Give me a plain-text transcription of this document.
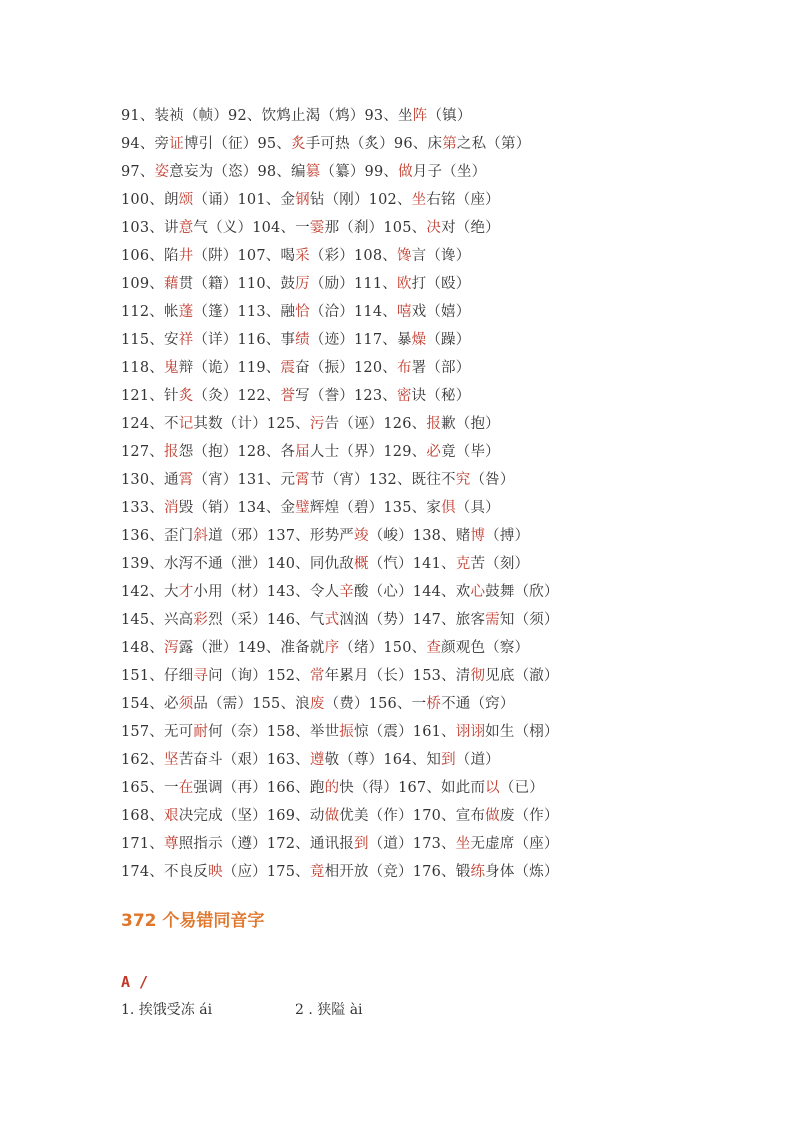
91、装祯（帧）92、饮鸩止渴（鸩）93、坐阵（镇）
94、旁证博引（征）95、炙手可热（炙）96、床第之私（第）
97、姿意妄为（恣）98、编篡（纂）99、做月子（坐）
100、朗颂（诵）101、金钢钻（刚）102、坐右铭（座）
103、讲意气（义）104、一霎那（刹）105、决对（绝）
106、陷井（阱）107、喝采（彩）108、馋言（谗）
109、藉贯（籍）110、鼓厉（励）111、欧打（殴）
112、帐蓬（篷）113、融恰（洽）114、嘻戏（嬉）
115、安祥（详）116、事绩（迹）117、暴燥（躁）
118、鬼辩（诡）119、震奋（振）120、布署（部）
121、针炙（灸）122、誉写（誊）123、密诀（秘）
124、不记其数（计）125、污告（诬）126、报歉（抱）
127、报怨（抱）128、各届人士（界）129、必竟（毕）
130、通霄（宵）131、元霄节（宵）132、既往不究（咎）
133、消毁（销）134、金璧辉煌（碧）135、家俱（具）
136、歪门斜道（邪）137、形势严竣（峻）138、赌博（搏）
139、水泻不通（泄）140、同仇敌概（忾）141、克苦（刻）
142、大才小用（材）143、令人辛酸（心）144、欢心鼓舞（欣）
145、兴高彩烈（采）146、气式汹汹（势）147、旅客需知（须）
148、泻露（泄）149、准备就序（绪）150、查颜观色（察）
151、仔细寻问（询）152、常年累月（长）153、清彻见底（澈）
154、必须品（需）155、浪废（费）156、一桥不通（窍）
157、无可耐何（奈）158、举世振惊（震）161、诩诩如生（栩）
162、坚苦奋斗（艰）163、遵敬（尊）164、知到（道）
165、一在强调（再）166、跑的快（得）167、如此而以（已）
168、艰决完成（坚）169、动做优美（作）170、宣布做废（作）
171、尊照指示（遵）172、通讯报到（道）173、坐无虚席（座）
174、不良反映（应）175、竟相开放（竞）176、锻练身体（炼）
372 个易错同音字
A /
1. 挨饿受冻 ái	2 . 狭隘 ài
